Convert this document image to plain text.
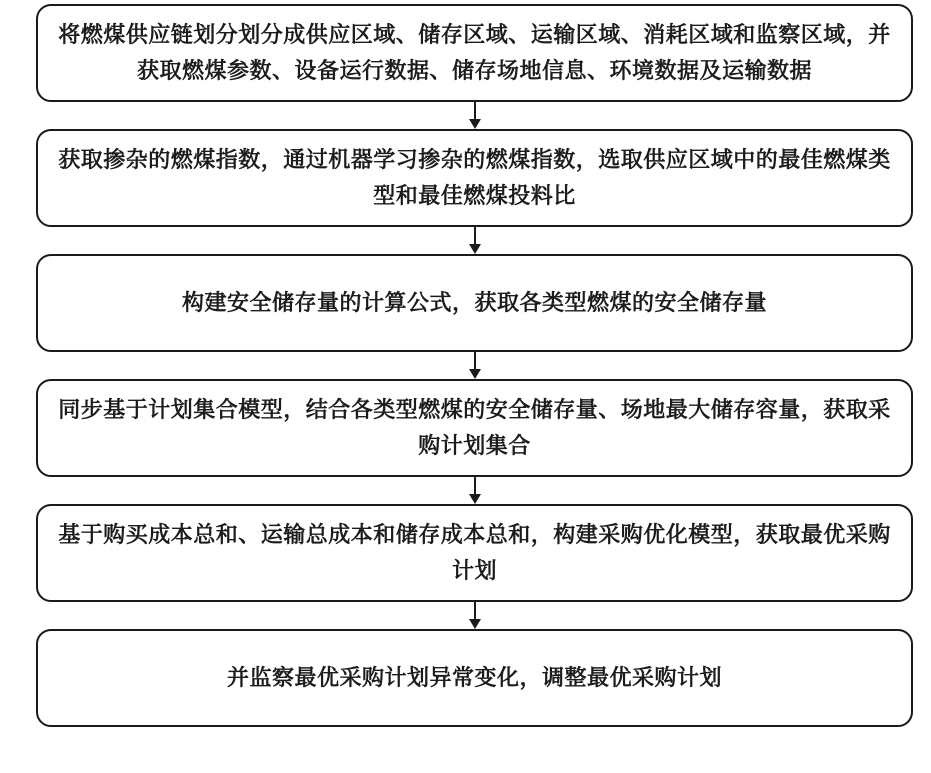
将燃煤供应链划分划分成供应区域、储存区域、运输区域、消耗区域和监察区域，并获取燃煤参数、设备运行数据、储存场地信息、环境数据及运输数据
获取掺杂的燃煤指数，通过机器学习掺杂的燃煤指数，选取供应区域中的最佳燃煤类型和最佳燃煤投料比
构建安全储存量的计算公式，获取各类型燃煤的安全储存量
同步基于计划集合模型，结合各类型燃煤的安全储存量、场地最大储存容量，获取采购计划集合
基于购买成本总和、运输总成本和储存成本总和，构建采购优化模型，获取最优采购计划
并监察最优采购计划异常变化，调整最优采购计划
